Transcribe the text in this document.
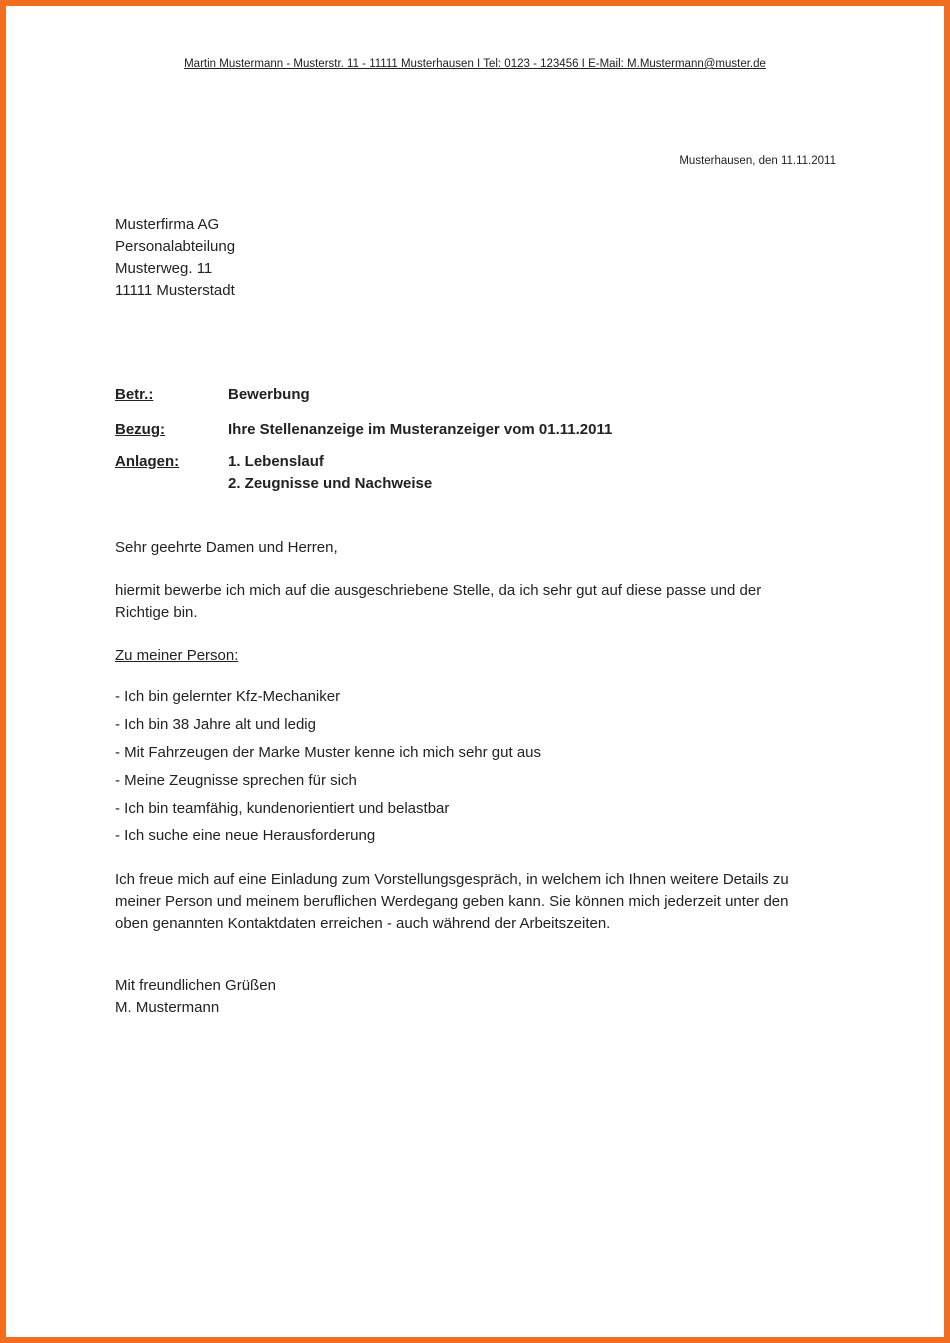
Martin Mustermann - Musterstr. 11 - 11111 Musterhausen I Tel: 0123 - 123456 I E-Mail: M.Mustermann@muster.de
Musterhausen, den 11.11.2011
Musterfirma AG
Personalabteilung
Musterweg. 11
11111 Musterstadt
Betr.:	Bewerbung
Bezug:	Ihre Stellenanzeige im Musteranzeiger vom 01.11.2011
Anlagen:	1. Lebenslauf
2. Zeugnisse und Nachweise
Sehr geehrte Damen und Herren,
hiermit bewerbe ich mich auf die ausgeschriebene Stelle, da ich sehr gut auf diese passe und der
Richtige bin.
Zu meiner Person:
- Ich bin gelernter Kfz-Mechaniker
- Ich bin 38 Jahre alt und ledig
- Mit Fahrzeugen der Marke Muster kenne ich mich sehr gut aus
- Meine Zeugnisse sprechen für sich
- Ich bin teamfähig, kundenorientiert und belastbar
- Ich suche eine neue Herausforderung
Ich freue mich auf eine Einladung zum Vorstellungsgespräch, in welchem ich Ihnen weitere Details zu
meiner Person und meinem beruflichen Werdegang geben kann. Sie können mich jederzeit unter den
oben genannten Kontaktdaten erreichen - auch während der Arbeitszeiten.
Mit freundlichen Grüßen
M. Mustermann
